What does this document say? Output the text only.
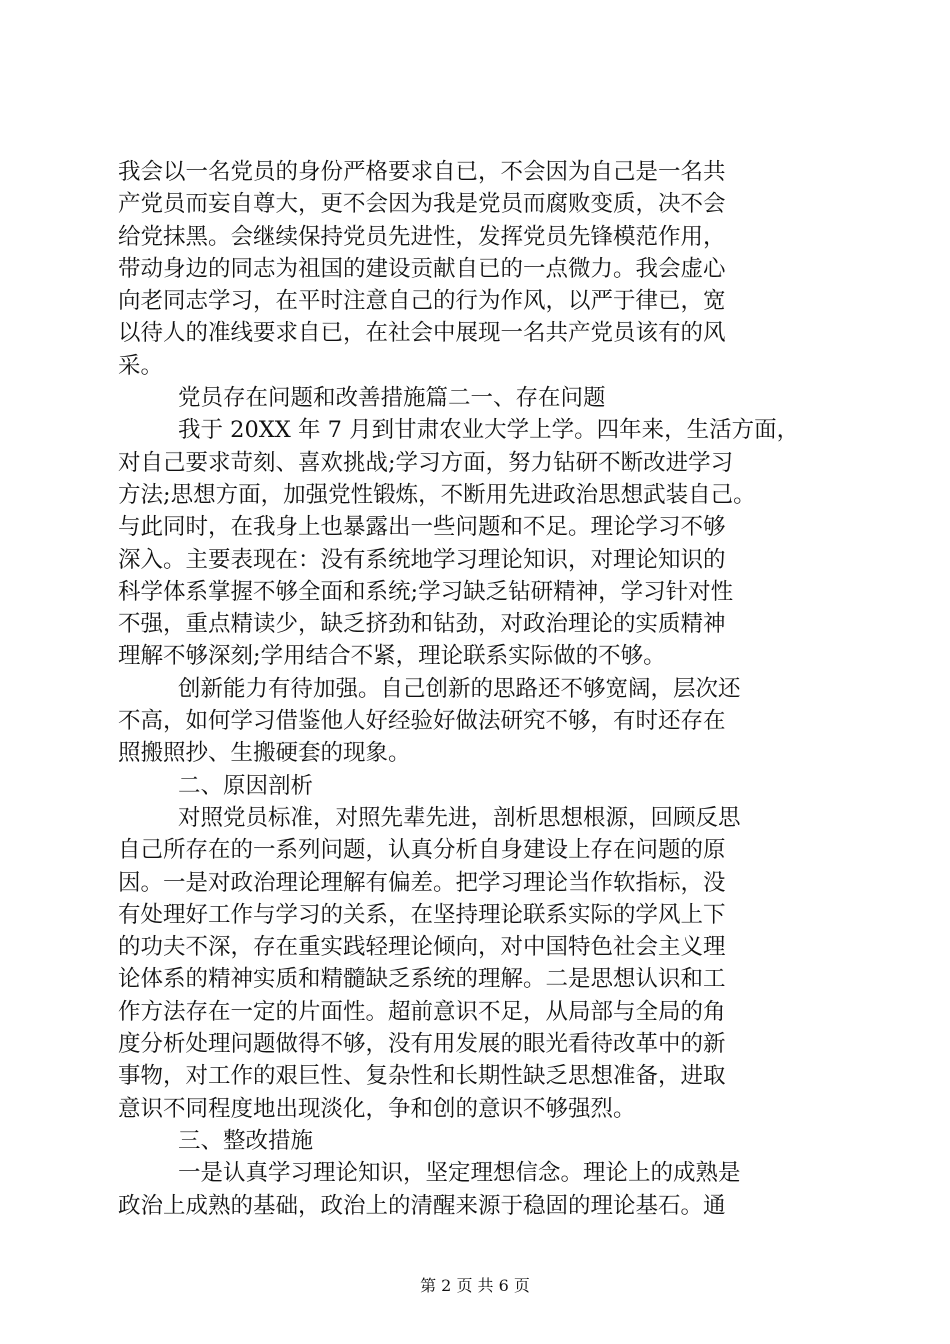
我会以一名党员的身份严格要求自已，不会因为自己是一名共
产党员而妄自尊大，更不会因为我是党员而腐败变质，决不会
给党抹黑。会继续保持党员先进性，发挥党员先锋模范作用，
带动身边的同志为祖国的建设贡献自已的一点微力。我会虚心
向老同志学习，在平时注意自己的行为作风，以严于律已，宽
以待人的准线要求自已，在社会中展现一名共产党员该有的风
采。
党员存在问题和改善措施篇二一、存在问题
我于 20XX 年 7 月到甘肃农业大学上学。四年来，生活方面，
对自己要求苛刻、喜欢挑战;学习方面，努力钻研不断改进学习
方法;思想方面，加强党性锻炼，不断用先进政治思想武装自己。
与此同时，在我身上也暴露出一些问题和不足。理论学习不够
深入。主要表现在：没有系统地学习理论知识，对理论知识的
科学体系掌握不够全面和系统;学习缺乏钻研精神，学习针对性
不强，重点精读少，缺乏挤劲和钻劲，对政治理论的实质精神
理解不够深刻;学用结合不紧，理论联系实际做的不够。
创新能力有待加强。自己创新的思路还不够宽阔，层次还
不高，如何学习借鉴他人好经验好做法研究不够，有时还存在
照搬照抄、生搬硬套的现象。
二、原因剖析
对照党员标准，对照先辈先进，剖析思想根源，回顾反思
自己所存在的一系列问题，认真分析自身建设上存在问题的原
因。一是对政治理论理解有偏差。把学习理论当作软指标，没
有处理好工作与学习的关系，在坚持理论联系实际的学风上下
的功夫不深，存在重实践轻理论倾向，对中国特色社会主义理
论体系的精神实质和精髓缺乏系统的理解。二是思想认识和工
作方法存在一定的片面性。超前意识不足，从局部与全局的角
度分析处理问题做得不够，没有用发展的眼光看待改革中的新
事物，对工作的艰巨性、复杂性和长期性缺乏思想准备，进取
意识不同程度地出现淡化，争和创的意识不够强烈。
三、整改措施
一是认真学习理论知识，坚定理想信念。理论上的成熟是
政治上成熟的基础，政治上的清醒来源于稳固的理论基石。通
第 2 页 共 6 页
